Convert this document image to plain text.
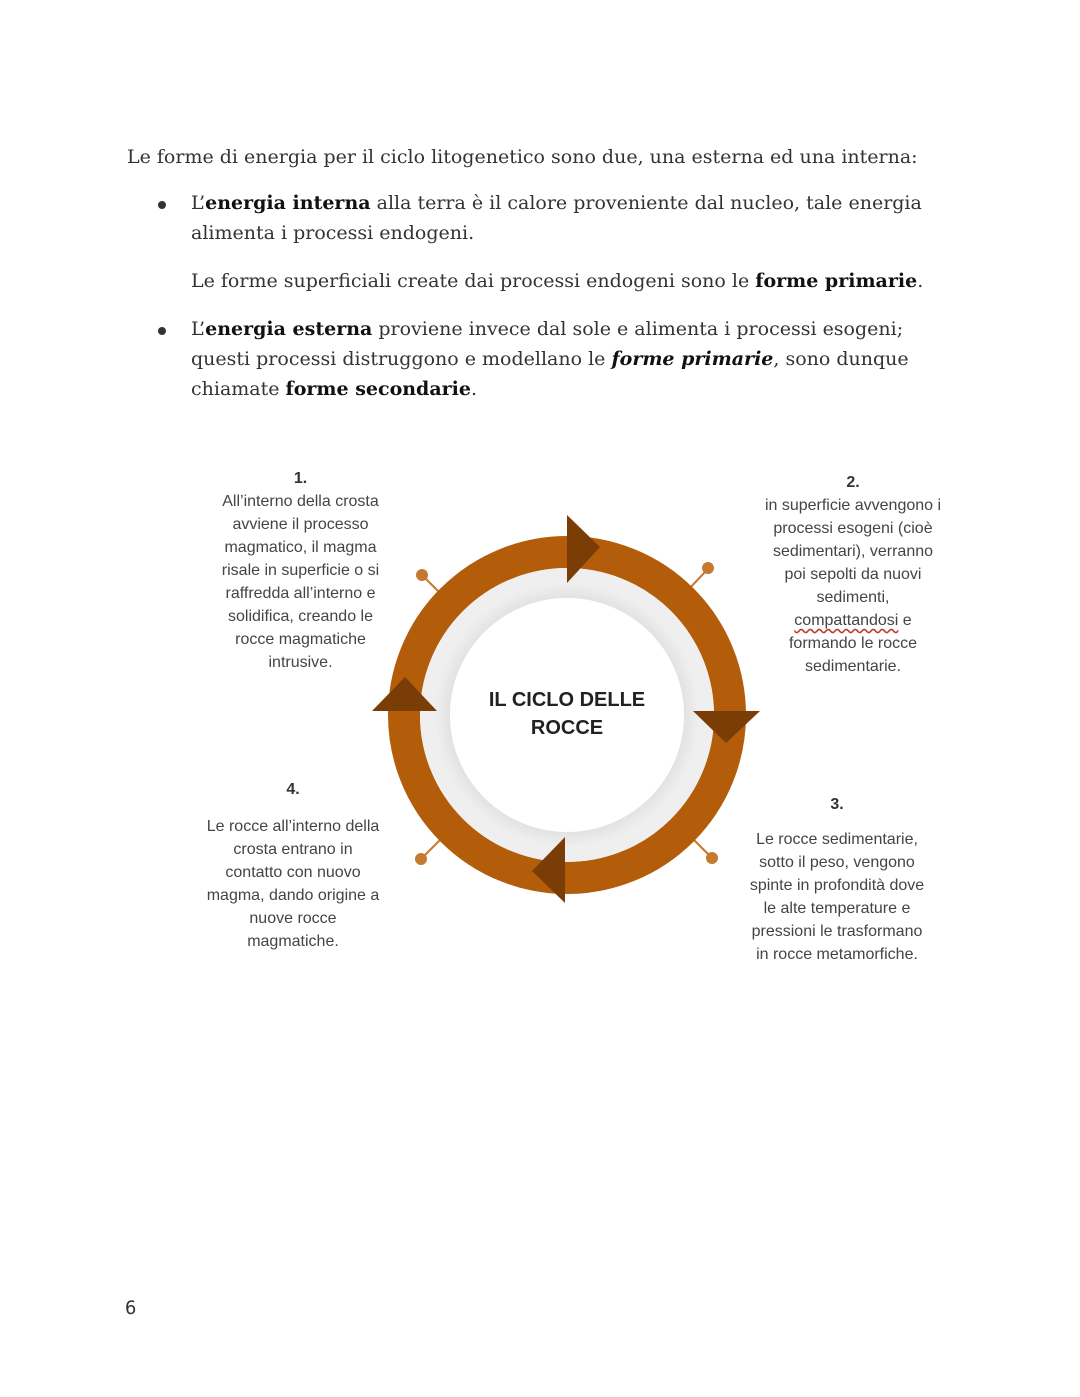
Le forme di energia per il ciclo litogenetico sono due, una esterna ed una interna:

L’energia interna alla terra è il calore proveniente dal nucleo, tale energia alimenta i processi endogeni.

Le forme superficiali create dai processi endogeni sono le forme primarie.

L’energia esterna proviene invece dal sole e alimenta i processi esogeni; questi processi distruggono e modellano le forme primarie, sono dunque chiamate forme secondarie.

IL CICLO DELLE ROCCE
1.
All’interno della crosta avviene il processo magmatico, il magma risale in superficie o si raffredda all’interno e solidifica, creando le rocce magmatiche intrusive.
2.
in superficie avvengono i processi esogeni (cioè sedimentari), verranno poi sepolti da nuovi sedimenti, compattandosi e formando le rocce sedimentarie.
3.
Le rocce sedimentarie, sotto il peso, vengono spinte in profondità dove le alte temperature e pressioni le trasformano in rocce metamorfiche.
4.
Le rocce all’interno della crosta entrano in contatto con nuovo magma, dando origine a nuove rocce magmatiche.
6
